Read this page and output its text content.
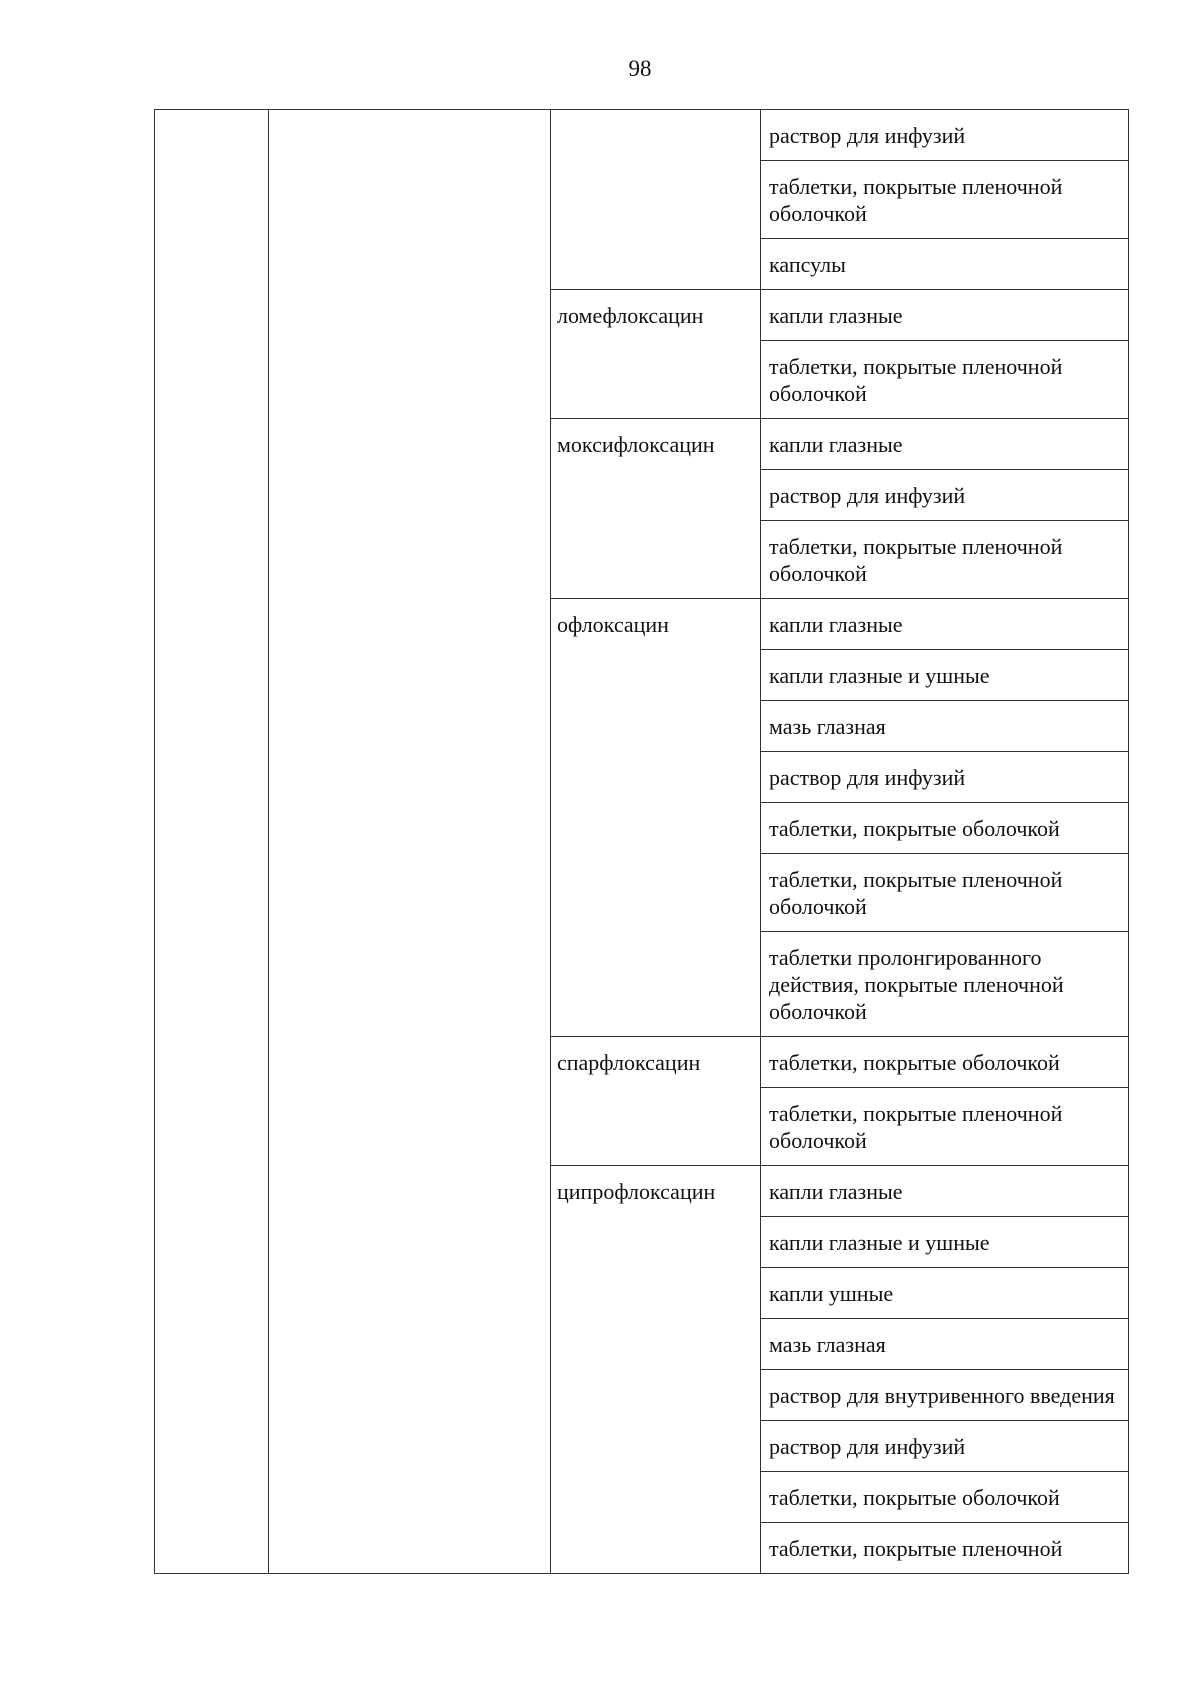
98
			раствор для инфузий
			таблетки, покрытые пленочной оболочкой
			капсулы
		ломефлоксацин	капли глазные
			таблетки, покрытые пленочной оболочкой
		моксифлоксацин	капли глазные
			раствор для инфузий
			таблетки, покрытые пленочной оболочкой
		офлоксацин	капли глазные
			капли глазные и ушные
			мазь глазная
			раствор для инфузий
			таблетки, покрытые оболочкой
			таблетки, покрытые пленочной оболочкой
			таблетки пролонгированного действия, покрытые пленочной оболочкой
		спарфлоксацин	таблетки, покрытые оболочкой
			таблетки, покрытые пленочной оболочкой
		ципрофлоксацин	капли глазные
			капли глазные и ушные
			капли ушные
			мазь глазная
			раствор для внутривенного введения
			раствор для инфузий
			таблетки, покрытые оболочкой
			таблетки, покрытые пленочной
